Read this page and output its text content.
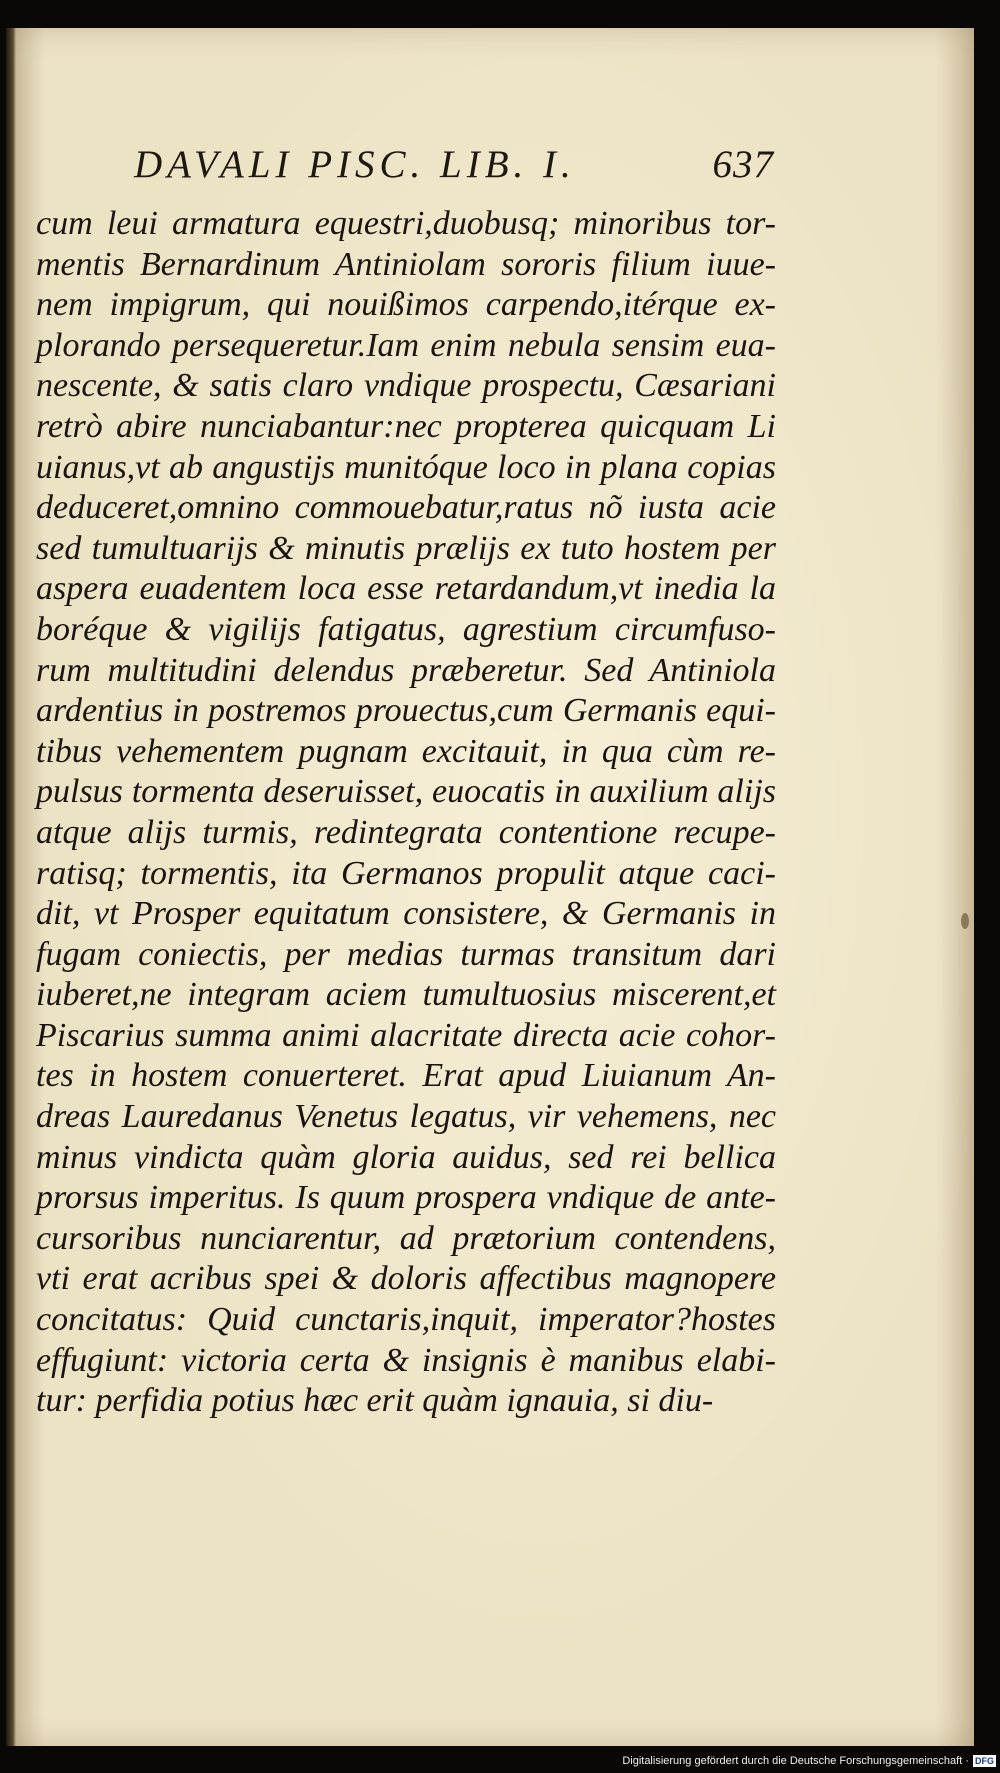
DAVALI PISC. LIB. I.	637
cum leui armatura equestri,duobusq; minoribus tor-
mentis Bernardinum Antiniolam sororis filium iuue-
nem impigrum, qui nouißimos carpendo,itérque ex-
plorando persequeretur.Iam enim nebula sensim eua-
nescente, & satis claro vndique prospectu, Cæsariani
retrò abire nunciabantur:nec propterea quicquam Li
uianus,vt ab angustijs munitóque loco in plana copias
deduceret,omnino commouebatur,ratus nõ iusta acie
sed tumultuarijs & minutis prælijs ex tuto hostem per
aspera euadentem loca esse retardandum,vt inedia la
boréque & vigilijs fatigatus, agrestium circumfuso-
rum multitudini delendus præberetur. Sed Antiniola
ardentius in postremos prouectus,cum Germanis equi-
tibus vehementem pugnam excitauit, in qua cùm re-
pulsus tormenta deseruisset, euocatis in auxilium alijs
atque alijs turmis, redintegrata contentione recupe-
ratisq; tormentis, ita Germanos propulit atque caci-
dit, vt Prosper equitatum consistere, & Germanis in
fugam coniectis, per medias turmas transitum dari
iuberet,ne integram aciem tumultuosius miscerent,et
Piscarius summa animi alacritate directa acie cohor-
tes in hostem conuerteret. Erat apud Liuianum An-
dreas Lauredanus Venetus legatus, vir vehemens, nec
minus vindicta quàm gloria auidus, sed rei bellica
prorsus imperitus. Is quum prospera vndique de ante-
cursoribus nunciarentur, ad prætorium contendens,
vti erat acribus spei & doloris affectibus magnopere
concitatus: Quid cunctaris,inquit, imperator?hostes
effugiunt: victoria certa & insignis è manibus elabi-
tur: perfidia potius hæc erit quàm ignauia, si diu-
Digitalisierung gefördert durch die Deutsche Forschungsgemeinschaft · DFG
